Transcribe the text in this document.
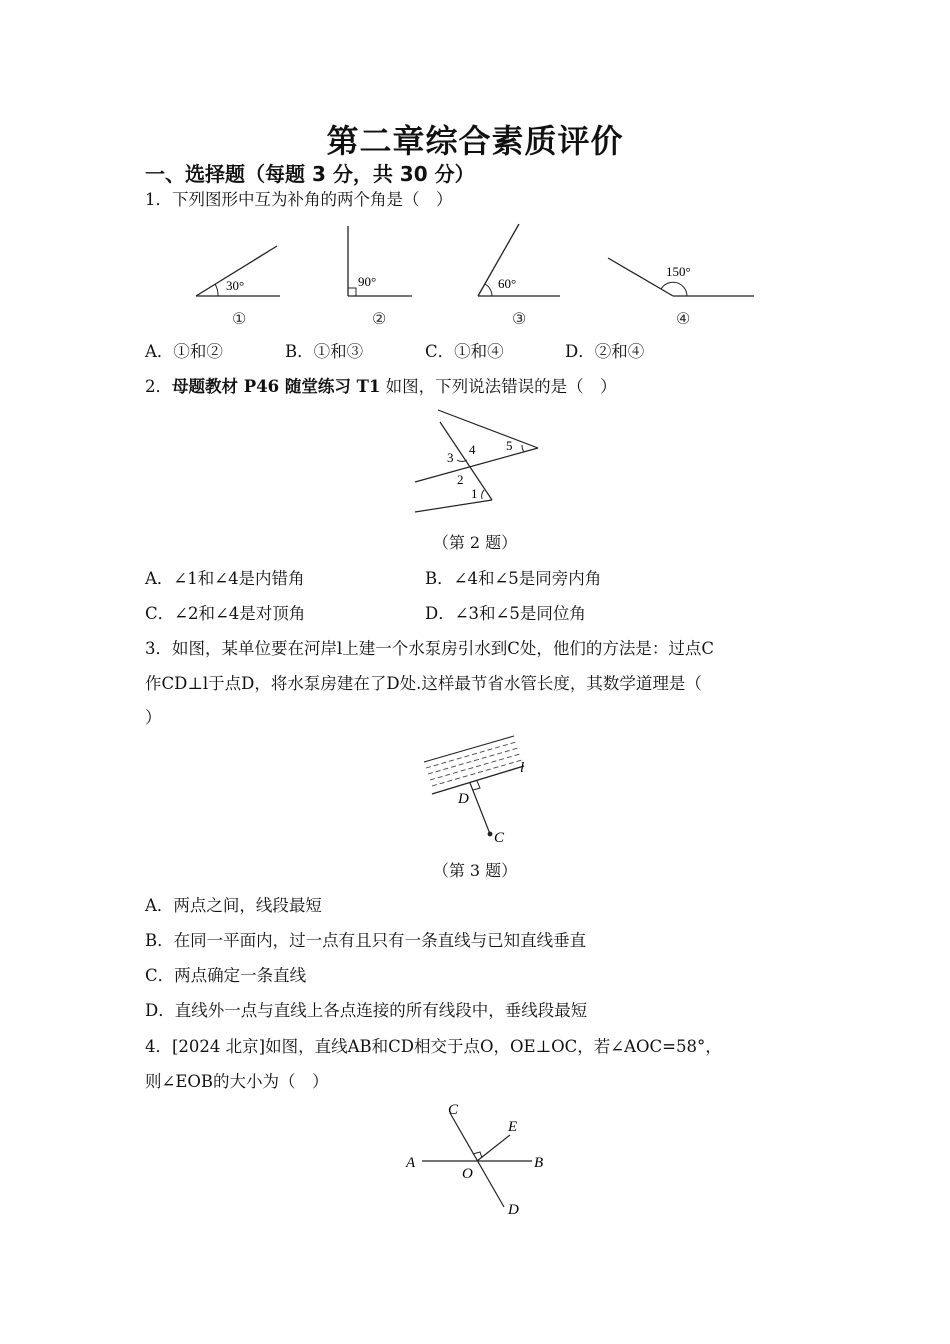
第二章综合素质评价
一、选择题（每题 3 分，共 30 分）
1．下列图形中互为补角的两个角是（　）
30°
①
90°
②
60°
③
150°
④
A．①和②	B．①和③	C．①和④	D．②和④
2．母题教材 P46 随堂练习 T1 如图，下列说法错误的是（　）
1
2
3
4 5
（第 2 题）
A．∠1和∠4是内错角	B．∠4和∠5是同旁内角
C．∠2和∠4是对顶角	D．∠3和∠5是同位角
3．如图，某单位要在河岸l上建一个水泵房引水到C处，他们的方法是：过点C
作CD⊥l于点D，将水泵房建在了D处.这样最节省水管长度，其数学道理是（
）
l
D
C
（第 3 题）
A．两点之间，线段最短
B．在同一平面内，过一点有且只有一条直线与已知直线垂直
C．两点确定一条直线
D．直线外一点与直线上各点连接的所有线段中，垂线段最短
4．[2024 北京]如图，直线AB和CD相交于点O，OE⊥OC，若∠AOC=58°，
则∠EOB的大小为（　）
A	B
C
D
E
O
